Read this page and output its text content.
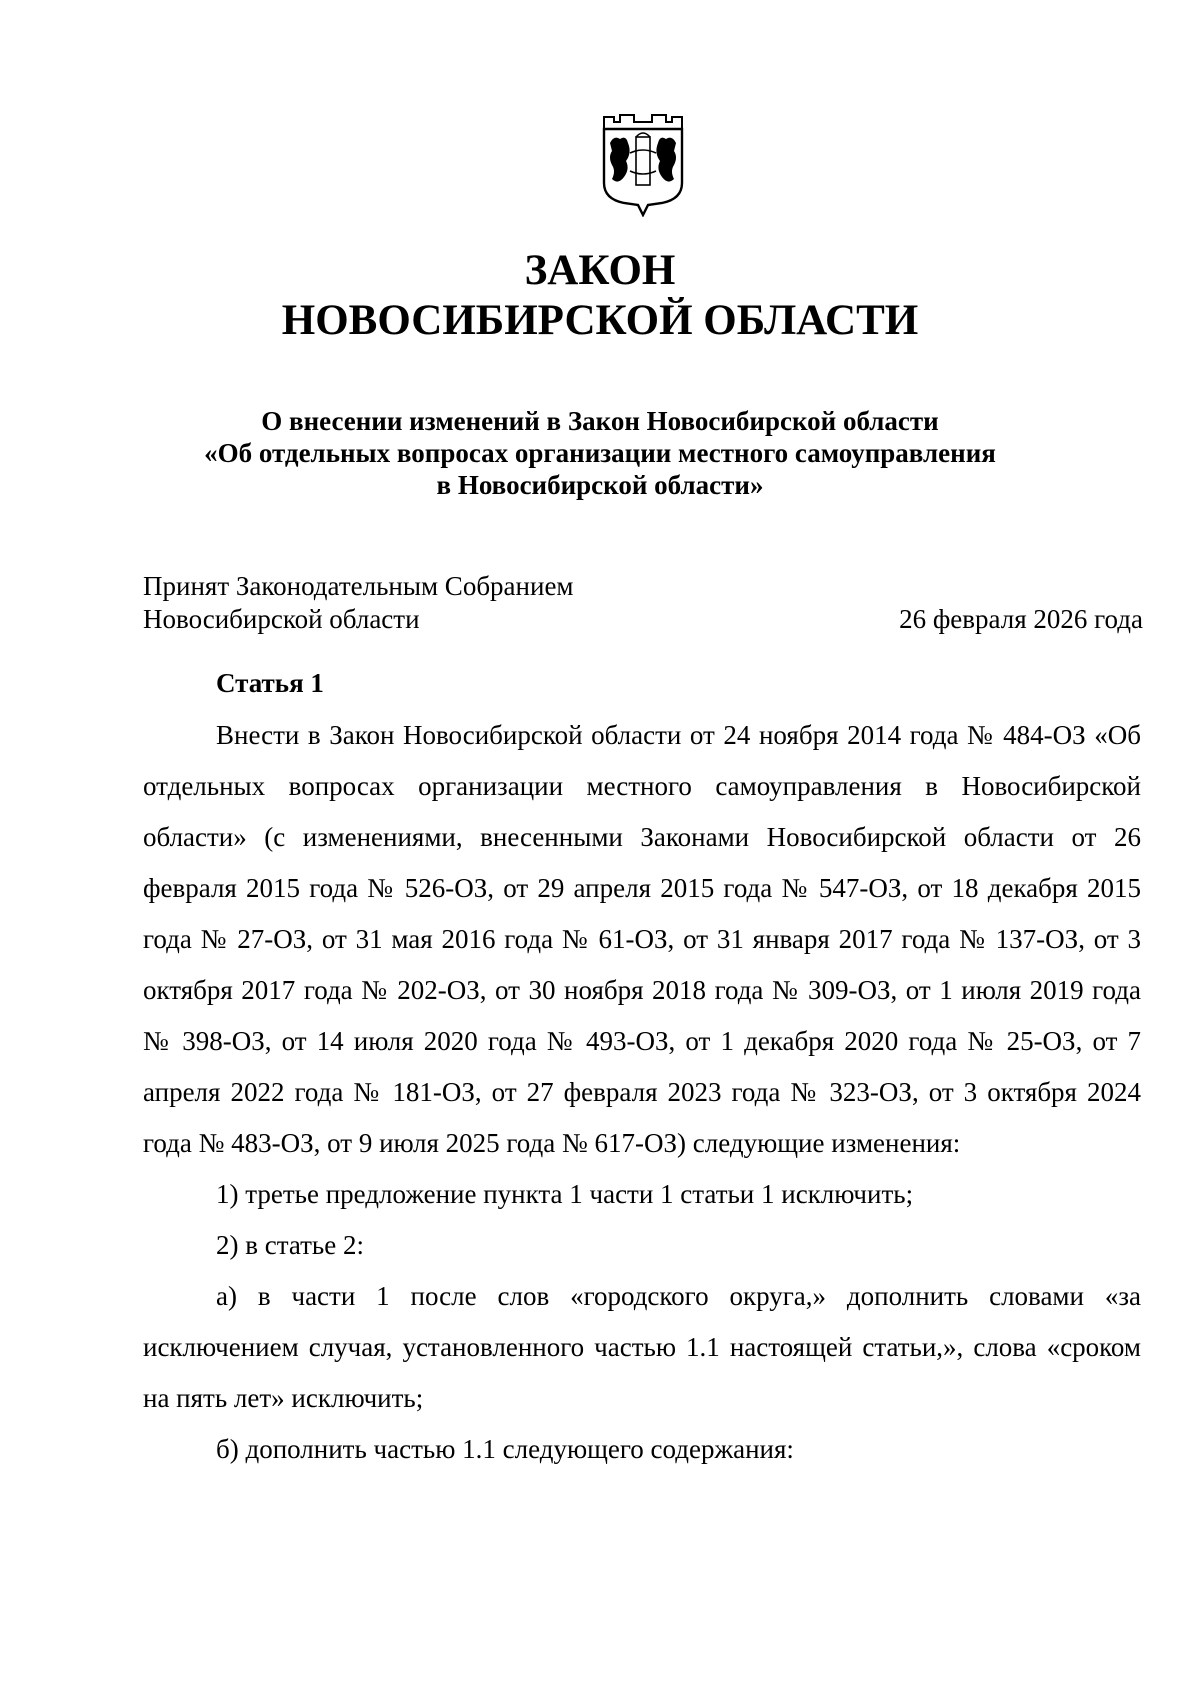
ЗАКОН
НОВОСИБИРСКОЙ ОБЛАСТИ
О внесении изменений в Закон Новосибирской области
«Об отдельных вопросах организации местного самоуправления
в Новосибирской области»
Принят Законодательным Собранием
Новосибирской области	26 февраля 2026 года
Статья 1

Внести в Закон Новосибирской области от 24 ноября 2014 года № 484-ОЗ «Об отдельных вопросах организации местного самоуправления в Новосибирской области» (с изменениями, внесенными Законами Новосибирской области от 26 февраля 2015 года № 526-ОЗ, от 29 апреля 2015 года № 547-ОЗ, от 18 декабря 2015 года № 27-ОЗ, от 31 мая 2016 года № 61-ОЗ, от 31 января 2017 года № 137-ОЗ, от 3 октября 2017 года № 202-ОЗ, от 30 ноября 2018 года № 309-ОЗ, от 1 июля 2019 года № 398-ОЗ, от 14 июля 2020 года № 493-ОЗ, от 1 декабря 2020 года № 25-ОЗ, от 7 апреля 2022 года № 181-ОЗ, от 27 февраля 2023 года № 323-ОЗ, от 3 октября 2024 года № 483-ОЗ, от 9 июля 2025 года № 617-ОЗ) следующие изменения:

1) третье предложение пункта 1 части 1 статьи 1 исключить;

2) в статье 2:

а) в части 1 после слов «городского округа,» дополнить словами «за исключением случая, установленного частью 1.1 настоящей статьи,», слова «сроком на пять лет» исключить;

б) дополнить частью 1.1 следующего содержания:
